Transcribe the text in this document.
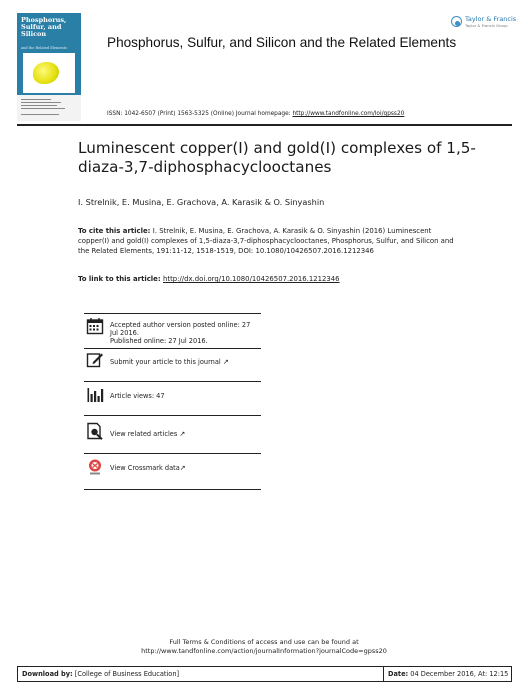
Phosphorus, Sulfur, and Silicon
and the Related Elements
Taylor & Francis
Taylor & Francis Group
Phosphorus, Sulfur, and Silicon and the Related Elements
ISSN: 1042-6507 (Print) 1563-5325 (Online) Journal homepage: http://www.tandfonline.com/loi/gpss20
Luminescent copper(I) and gold(I) complexes of 1,5-diaza-3,7-diphosphacyclooctanes
I. Strelnik, E. Musina, E. Grachova, A. Karasik & O. Sinyashin
To cite this article: I. Strelnik, E. Musina, E. Grachova, A. Karasik & O. Sinyashin (2016) Luminescent copper(I) and gold(I) complexes of 1,5-diaza-3,7-diphosphacyclooctanes, Phosphorus, Sulfur, and Silicon and the Related Elements, 191:11-12, 1518-1519, DOI: 10.1080/10426507.2016.1212346
To link to this article: http://dx.doi.org/10.1080/10426507.2016.1212346
Accepted author version posted online: 27 Jul 2016.
Published online: 27 Jul 2016.
Submit your article to this journal ↗
Article views: 47
View related articles ↗
View Crossmark data↗
Full Terms & Conditions of access and use can be found at
http://www.tandfonline.com/action/journalInformation?journalCode=gpss20
Download by: [College of Business Education]	Date: 04 December 2016, At: 12:15
